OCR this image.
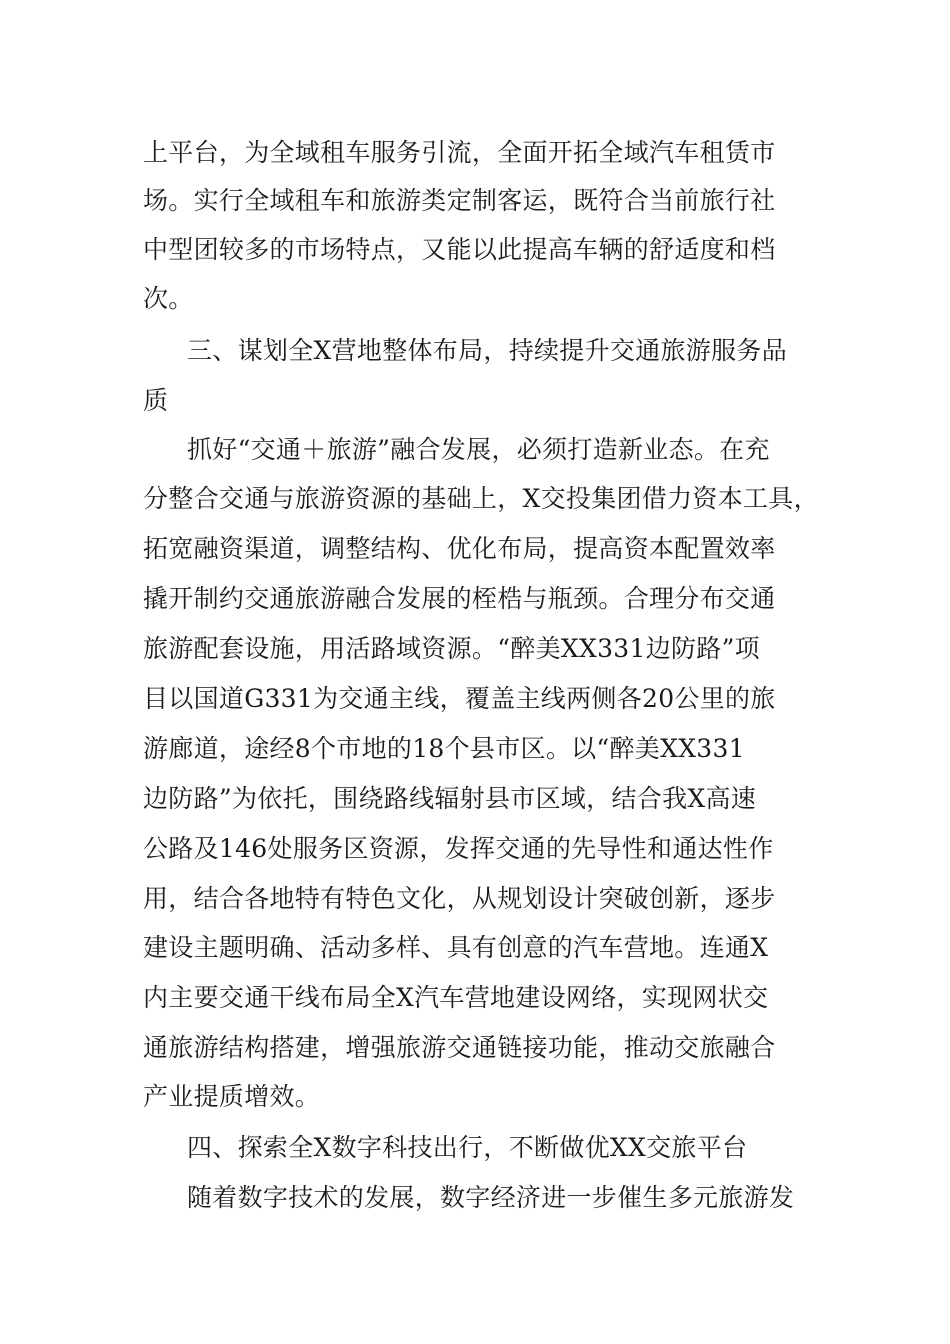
上平台，为全域租车服务引流，全面开拓全域汽车租赁市
场。实行全域租车和旅游类定制客运，既符合当前旅行社
中型团较多的市场特点，又能以此提高车辆的舒适度和档
次。
三、谋划全X营地整体布局，持续提升交通旅游服务品
质
抓好“交通＋旅游”融合发展，必须打造新业态。在充
分整合交通与旅游资源的基础上，X交投集团借力资本工具，
拓宽融资渠道，调整结构、优化布局，提高资本配置效率
撬开制约交通旅游融合发展的桎梏与瓶颈。合理分布交通
旅游配套设施，用活路域资源。“醉美XX331边防路”项
目以国道G331为交通主线，覆盖主线两侧各20公里的旅
游廊道，途经8个市地的18个县市区。以“醉美XX331
边防路”为依托，围绕路线辐射县市区域，结合我X高速
公路及146处服务区资源，发挥交通的先导性和通达性作
用，结合各地特有特色文化，从规划设计突破创新，逐步
建设主题明确、活动多样、具有创意的汽车营地。连通X
内主要交通干线布局全X汽车营地建设网络，实现网状交
通旅游结构搭建，增强旅游交通链接功能，推动交旅融合
产业提质增效。
四、探索全X数字科技出行，不断做优XX交旅平台
随着数字技术的发展，数字经济进一步催生多元旅游发
